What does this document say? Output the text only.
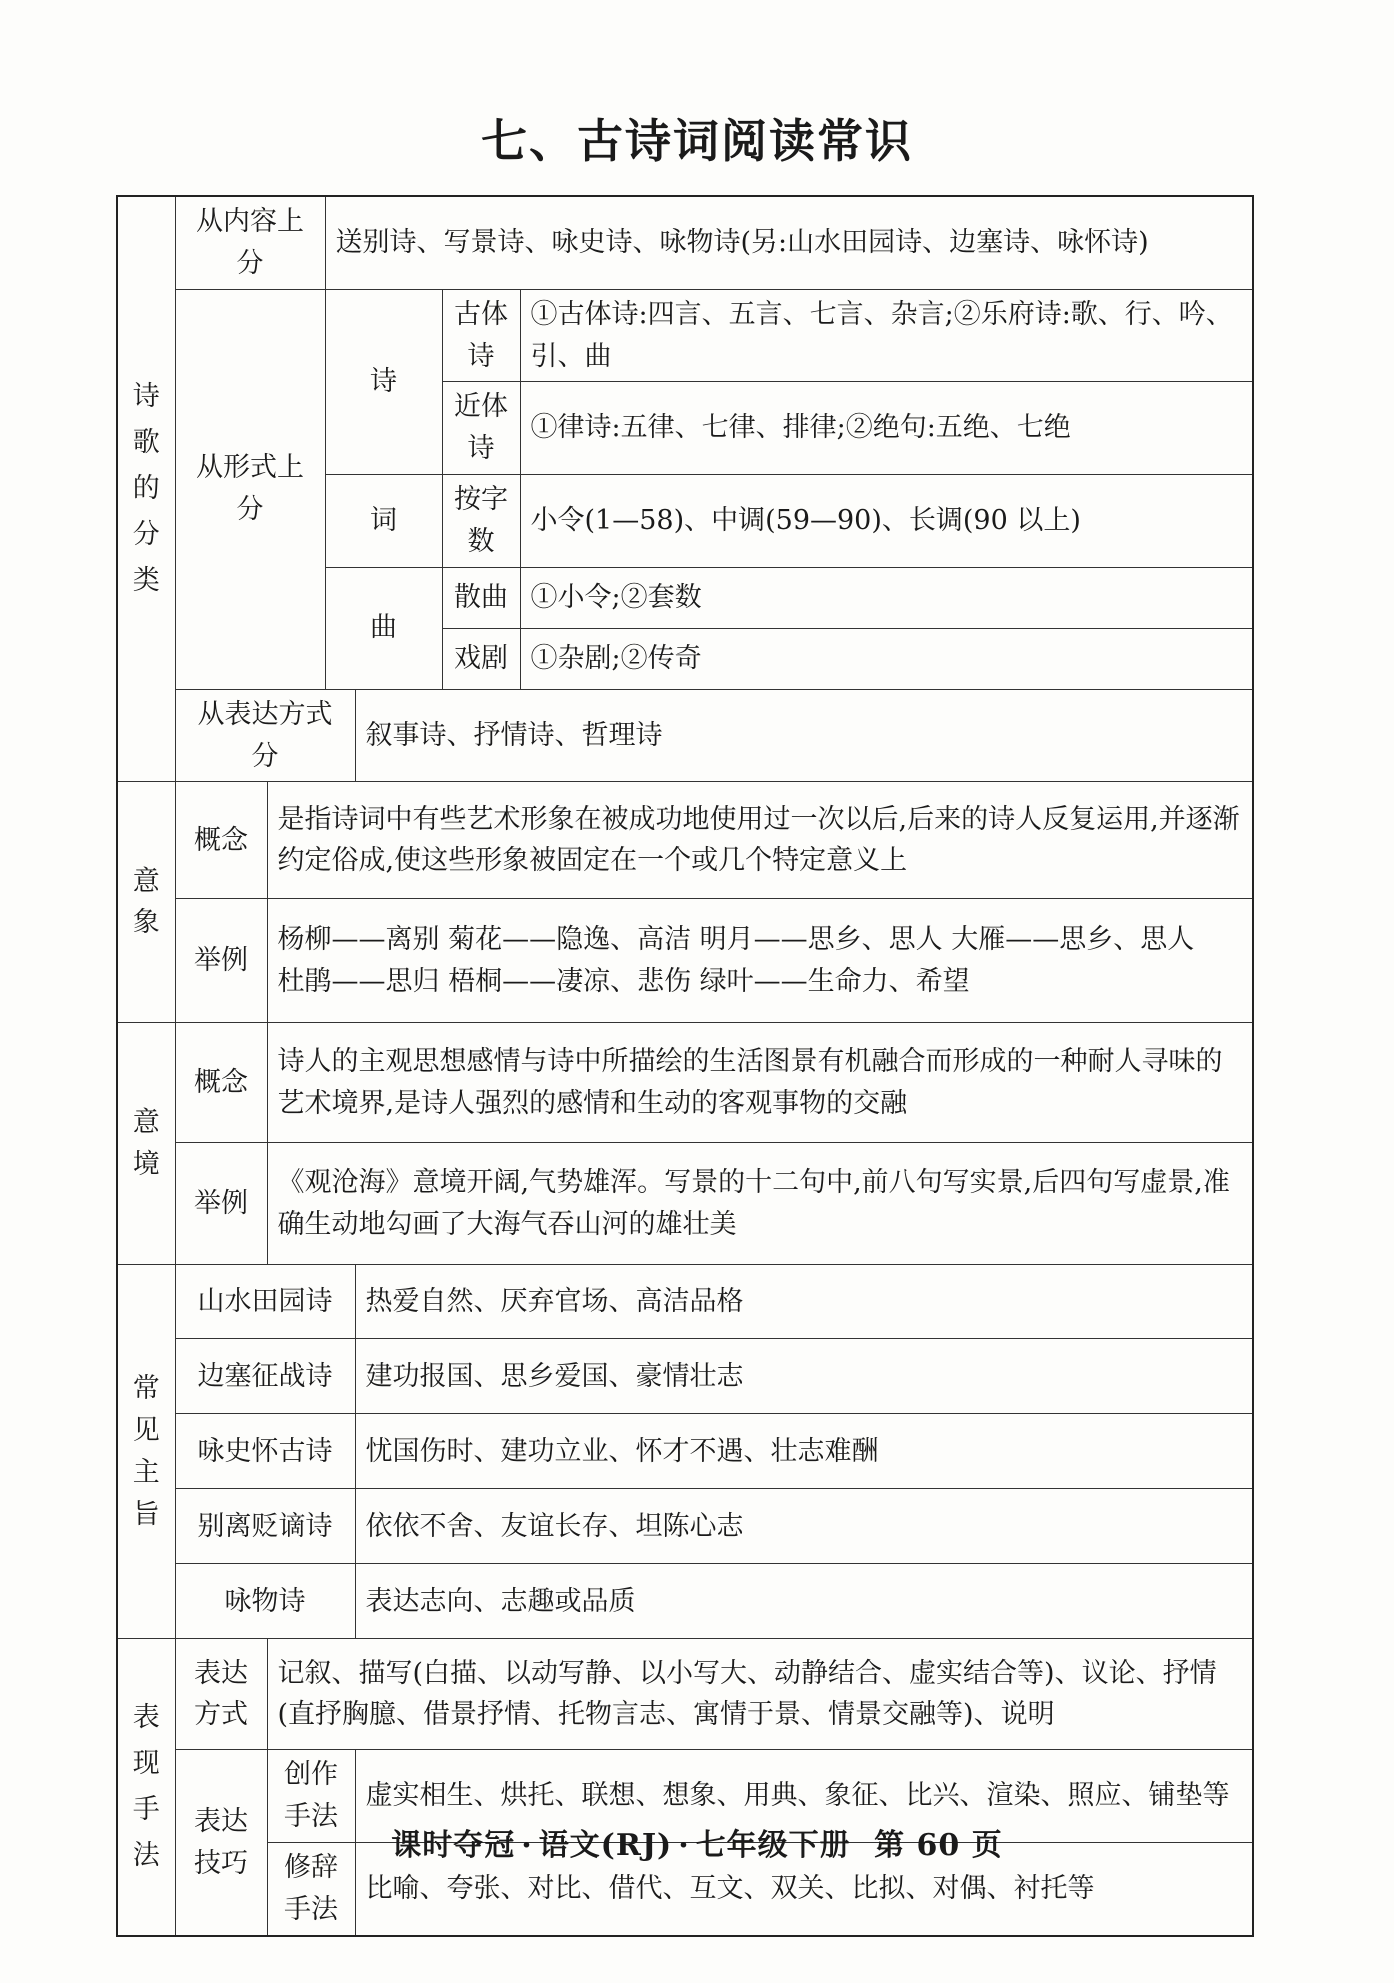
七、古诗词阅读常识
诗
歌
的
分
类	从内容上分		送别诗、写景诗、咏史诗、咏物诗(另:山水田园诗、边塞诗、咏怀诗)			
	从形式上分		诗		古体诗	①古体诗:四言、五言、七言、杂言;②乐府诗:歌、行、吟、引、曲
					近体诗	①律诗:五律、七律、排律;②绝句:五绝、七绝
			词		按字数	小令(1—58)、中调(59—90)、长调(90 以上)
			曲		散曲	①小令;②套数
					戏剧	①杂剧;②传奇
	从表达方式分			叙事诗、抒情诗、哲理诗		
意象	概念	是指诗词中有些艺术形象在被成功地使用过一次以后,后来的诗人反复运用,并逐渐约定俗成,使这些形象被固定在一个或几个特定意义上				
	举例	杨柳——离别 菊花——隐逸、高洁 明月——思乡、思人 大雁——思乡、思人
杜鹃——思归 梧桐——凄凉、悲伤 绿叶——生命力、希望				

意境	概念	诗人的主观思想感情与诗中所描绘的生活图景有机融合而形成的一种耐人寻味的艺术境界,是诗人强烈的感情和生动的客观事物的交融				
	举例	《观沧海》意境开阔,气势雄浑。写景的十二句中,前八句写实景,后四句写虚景,准确生动地勾画了大海气吞山河的雄壮美				
常见主旨	山水田园诗			热爱自然、厌弃官场、高洁品格		
	边塞征战诗			建功报国、思乡爱国、豪情壮志		
	咏史怀古诗			忧国伤时、建功立业、怀才不遇、壮志难酬		
	别离贬谪诗			依依不舍、友谊长存、坦陈心志		
	咏物诗			表达志向、志趣或品质		

表
现
手
法	表达方式	记叙、描写(白描、以动写静、以小写大、动静结合、虚实结合等)、议论、抒情(直抒胸臆、借景抒情、托物言志、寓情于景、情景交融等)、说明				
	表达技巧	创作手法		虚实相生、烘托、联想、想象、用典、象征、比兴、渲染、照应、铺垫等		
		修辞手法		比喻、夸张、对比、借代、互文、双关、比拟、对偶、衬托等		
课时夺冠 · 语文(RJ) · 七年级下册 第 60 页
